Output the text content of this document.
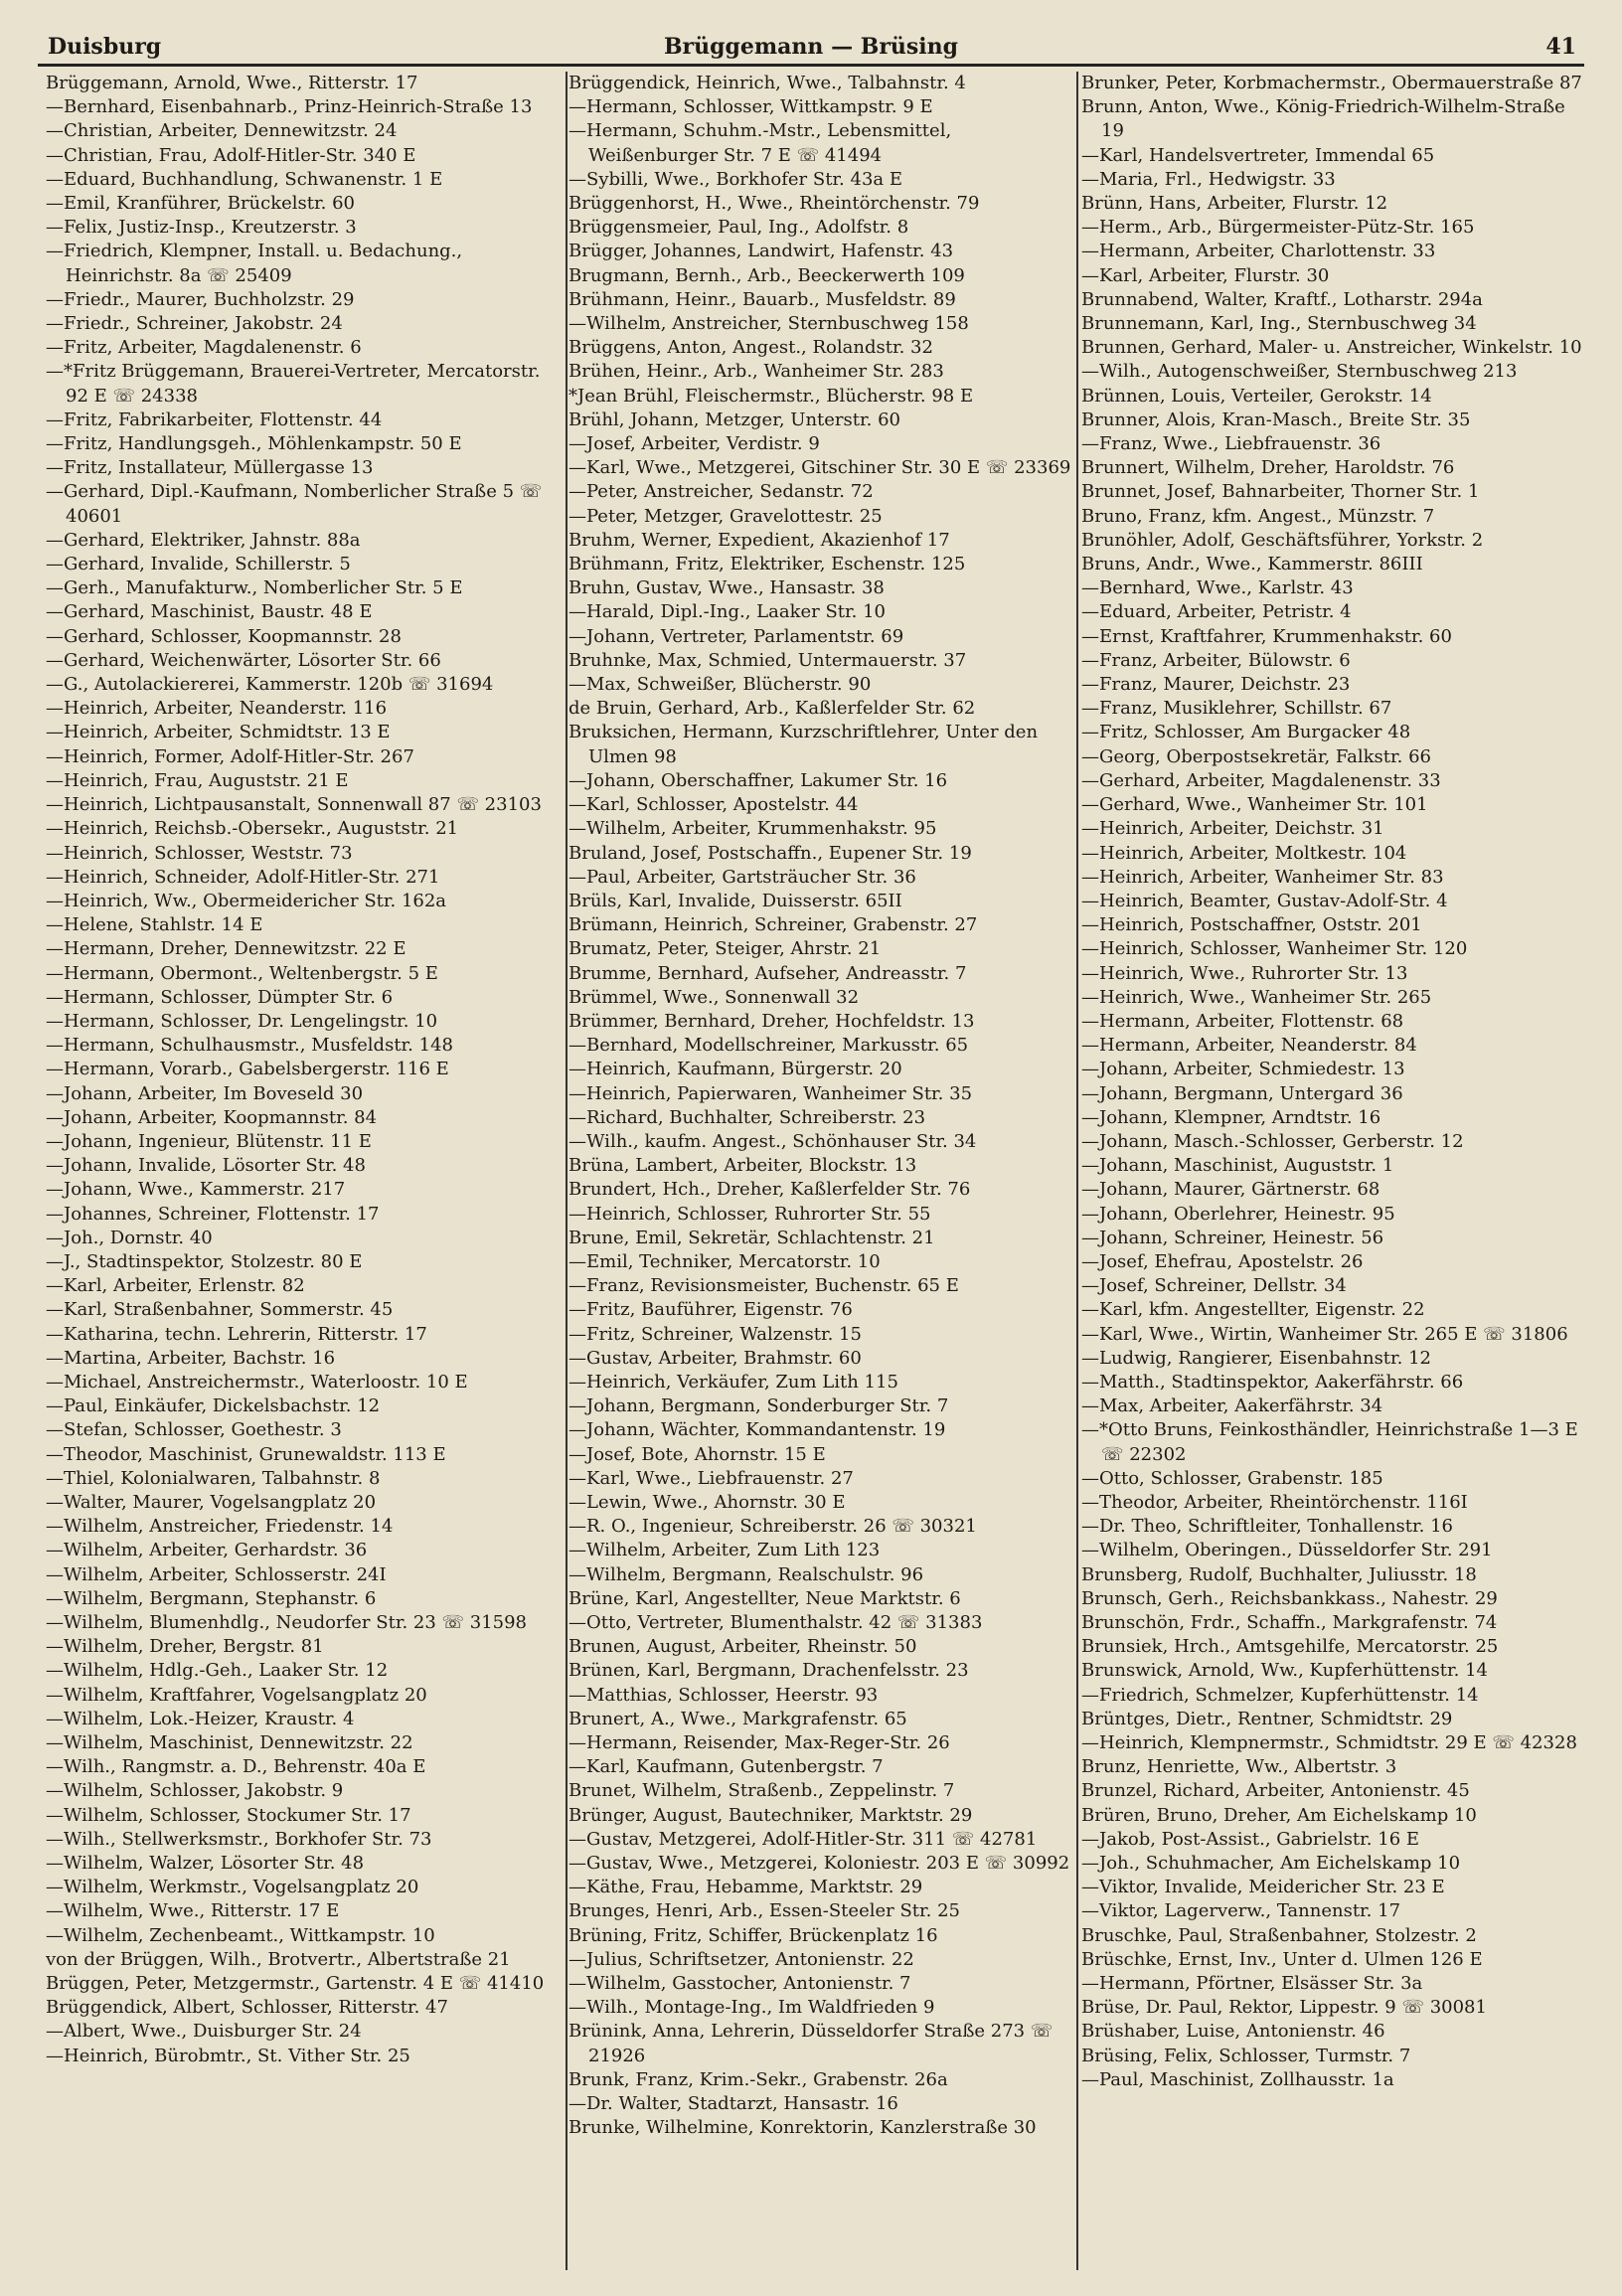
Duisburg	Brüggemann — Brüsing	41
Brüggemann, Arnold, Wwe., Ritterstr. 17
—Bernhard, Eisenbahnarb., Prinz-Heinrich-Straße 13
—Christian, Arbeiter, Dennewitzstr. 24
—Christian, Frau, Adolf-Hitler-Str. 340 E
—Eduard, Buchhandlung, Schwanenstr. 1 E
—Emil, Kranführer, Brückelstr. 60
—Felix, Justiz-Insp., Kreutzerstr. 3
—Friedrich, Klempner, Install. u. Bedachung., Heinrichstr. 8a ☏ 25409
—Friedr., Maurer, Buchholzstr. 29
—Friedr., Schreiner, Jakobstr. 24
—Fritz, Arbeiter, Magdalenenstr. 6
—*Fritz Brüggemann, Brauerei-Vertreter, Mercatorstr. 92 E ☏ 24338
—Fritz, Fabrikarbeiter, Flottenstr. 44
—Fritz, Handlungsgeh., Möhlenkampstr. 50 E
—Fritz, Installateur, Müllergasse 13
—Gerhard, Dipl.-Kaufmann, Nomberlicher Straße 5 ☏ 40601
—Gerhard, Elektriker, Jahnstr. 88a
—Gerhard, Invalide, Schillerstr. 5
—Gerh., Manufakturw., Nomberlicher Str. 5 E
—Gerhard, Maschinist, Baustr. 48 E
—Gerhard, Schlosser, Koopmannstr. 28
—Gerhard, Weichenwärter, Lösorter Str. 66
—G., Autolackiererei, Kammerstr. 120b ☏ 31694
—Heinrich, Arbeiter, Neanderstr. 116
—Heinrich, Arbeiter, Schmidtstr. 13 E
—Heinrich, Former, Adolf-Hitler-Str. 267
—Heinrich, Frau, Auguststr. 21 E
—Heinrich, Lichtpausanstalt, Sonnenwall 87 ☏ 23103
—Heinrich, Reichsb.-Obersekr., Auguststr. 21
—Heinrich, Schlosser, Weststr. 73
—Heinrich, Schneider, Adolf-Hitler-Str. 271
—Heinrich, Ww., Obermeidericher Str. 162a
—Helene, Stahlstr. 14 E
—Hermann, Dreher, Dennewitzstr. 22 E
—Hermann, Obermont., Weltenbergstr. 5 E
—Hermann, Schlosser, Dümpter Str. 6
—Hermann, Schlosser, Dr. Lengelingstr. 10
—Hermann, Schulhausmstr., Musfeldstr. 148
—Hermann, Vorarb., Gabelsbergerstr. 116 E
—Johann, Arbeiter, Im Boveseld 30
—Johann, Arbeiter, Koopmannstr. 84
—Johann, Ingenieur, Blütenstr. 11 E
—Johann, Invalide, Lösorter Str. 48
—Johann, Wwe., Kammerstr. 217
—Johannes, Schreiner, Flottenstr. 17
—Joh., Dornstr. 40
—J., Stadtinspektor, Stolzestr. 80 E
—Karl, Arbeiter, Erlenstr. 82
—Karl, Straßenbahner, Sommerstr. 45
—Katharina, techn. Lehrerin, Ritterstr. 17
—Martina, Arbeiter, Bachstr. 16
—Michael, Anstreichermstr., Waterloostr. 10 E
—Paul, Einkäufer, Dickelsbachstr. 12
—Stefan, Schlosser, Goethestr. 3
—Theodor, Maschinist, Grunewaldstr. 113 E
—Thiel, Kolonialwaren, Talbahnstr. 8
—Walter, Maurer, Vogelsangplatz 20
—Wilhelm, Anstreicher, Friedenstr. 14
—Wilhelm, Arbeiter, Gerhardstr. 36
—Wilhelm, Arbeiter, Schlosserstr. 24I
—Wilhelm, Bergmann, Stephanstr. 6
—Wilhelm, Blumenhdlg., Neudorfer Str. 23 ☏ 31598
—Wilhelm, Dreher, Bergstr. 81
—Wilhelm, Hdlg.-Geh., Laaker Str. 12
—Wilhelm, Kraftfahrer, Vogelsangplatz 20
—Wilhelm, Lok.-Heizer, Kraustr. 4
—Wilhelm, Maschinist, Dennewitzstr. 22
—Wilh., Rangmstr. a. D., Behrenstr. 40a E
—Wilhelm, Schlosser, Jakobstr. 9
—Wilhelm, Schlosser, Stockumer Str. 17
—Wilh., Stellwerksmstr., Borkhofer Str. 73
—Wilhelm, Walzer, Lösorter Str. 48
—Wilhelm, Werkmstr., Vogelsangplatz 20
—Wilhelm, Wwe., Ritterstr. 17 E
—Wilhelm, Zechenbeamt., Wittkampstr. 10
von der Brüggen, Wilh., Brotvertr., Albertstraße 21
Brüggen, Peter, Metzgermstr., Gartenstr. 4 E ☏ 41410
Brüggendick, Albert, Schlosser, Ritterstr. 47
—Albert, Wwe., Duisburger Str. 24
—Heinrich, Bürobmtr., St. Vither Str. 25
Brüggendick, Heinrich, Wwe., Talbahnstr. 4
—Hermann, Schlosser, Wittkampstr. 9 E
—Hermann, Schuhm.-Mstr., Lebensmittel, Weißenburger Str. 7 E ☏ 41494
—Sybilli, Wwe., Borkhofer Str. 43a E
Brüggenhorst, H., Wwe., Rheintörchenstr. 79
Brüggensmeier, Paul, Ing., Adolfstr. 8
Brügger, Johannes, Landwirt, Hafenstr. 43
Brugmann, Bernh., Arb., Beeckerwerth 109
Brühmann, Heinr., Bauarb., Musfeldstr. 89
—Wilhelm, Anstreicher, Sternbuschweg 158
Brüggens, Anton, Angest., Rolandstr. 32
Brühen, Heinr., Arb., Wanheimer Str. 283
*Jean Brühl, Fleischermstr., Blücherstr. 98 E
Brühl, Johann, Metzger, Unterstr. 60
—Josef, Arbeiter, Verdistr. 9
—Karl, Wwe., Metzgerei, Gitschiner Str. 30 E ☏ 23369
—Peter, Anstreicher, Sedanstr. 72
—Peter, Metzger, Gravelottestr. 25
Bruhm, Werner, Expedient, Akazienhof 17
Brühmann, Fritz, Elektriker, Eschenstr. 125
Bruhn, Gustav, Wwe., Hansastr. 38
—Harald, Dipl.-Ing., Laaker Str. 10
—Johann, Vertreter, Parlamentstr. 69
Bruhnke, Max, Schmied, Untermauerstr. 37
—Max, Schweißer, Blücherstr. 90
de Bruin, Gerhard, Arb., Kaßlerfelder Str. 62
Bruksichen, Hermann, Kurzschriftlehrer, Unter den Ulmen 98
—Johann, Oberschaffner, Lakumer Str. 16
—Karl, Schlosser, Apostelstr. 44
—Wilhelm, Arbeiter, Krummenhakstr. 95
Bruland, Josef, Postschaffn., Eupener Str. 19
—Paul, Arbeiter, Gartsträucher Str. 36
Brüls, Karl, Invalide, Duisserstr. 65II
Brümann, Heinrich, Schreiner, Grabenstr. 27
Brumatz, Peter, Steiger, Ahrstr. 21
Brumme, Bernhard, Aufseher, Andreasstr. 7
Brümmel, Wwe., Sonnenwall 32
Brümmer, Bernhard, Dreher, Hochfeldstr. 13
—Bernhard, Modellschreiner, Markusstr. 65
—Heinrich, Kaufmann, Bürgerstr. 20
—Heinrich, Papierwaren, Wanheimer Str. 35
—Richard, Buchhalter, Schreiberstr. 23
—Wilh., kaufm. Angest., Schönhauser Str. 34
Brüna, Lambert, Arbeiter, Blockstr. 13
Brundert, Hch., Dreher, Kaßlerfelder Str. 76
—Heinrich, Schlosser, Ruhrorter Str. 55
Brune, Emil, Sekretär, Schlachtenstr. 21
—Emil, Techniker, Mercatorstr. 10
—Franz, Revisionsmeister, Buchenstr. 65 E
—Fritz, Bauführer, Eigenstr. 76
—Fritz, Schreiner, Walzenstr. 15
—Gustav, Arbeiter, Brahmstr. 60
—Heinrich, Verkäufer, Zum Lith 115
—Johann, Bergmann, Sonderburger Str. 7
—Johann, Wächter, Kommandantenstr. 19
—Josef, Bote, Ahornstr. 15 E
—Karl, Wwe., Liebfrauenstr. 27
—Lewin, Wwe., Ahornstr. 30 E
—R. O., Ingenieur, Schreiberstr. 26 ☏ 30321
—Wilhelm, Arbeiter, Zum Lith 123
—Wilhelm, Bergmann, Realschulstr. 96
Brüne, Karl, Angestellter, Neue Marktstr. 6
—Otto, Vertreter, Blumenthalstr. 42 ☏ 31383
Brunen, August, Arbeiter, Rheinstr. 50
Brünen, Karl, Bergmann, Drachenfelsstr. 23
—Matthias, Schlosser, Heerstr. 93
Brunert, A., Wwe., Markgrafenstr. 65
—Hermann, Reisender, Max-Reger-Str. 26
—Karl, Kaufmann, Gutenbergstr. 7
Brunet, Wilhelm, Straßenb., Zeppelinstr. 7
Brünger, August, Bautechniker, Marktstr. 29
—Gustav, Metzgerei, Adolf-Hitler-Str. 311 ☏ 42781
—Gustav, Wwe., Metzgerei, Koloniestr. 203 E ☏ 30992
—Käthe, Frau, Hebamme, Marktstr. 29
Brunges, Henri, Arb., Essen-Steeler Str. 25
Brüning, Fritz, Schiffer, Brückenplatz 16
—Julius, Schriftsetzer, Antonienstr. 22
—Wilhelm, Gasstocher, Antonienstr. 7
—Wilh., Montage-Ing., Im Waldfrieden 9
Brünink, Anna, Lehrerin, Düsseldorfer Straße 273 ☏ 21926
Brunk, Franz, Krim.-Sekr., Grabenstr. 26a
—Dr. Walter, Stadtarzt, Hansastr. 16
Brunke, Wilhelmine, Konrektorin, Kanzlerstraße 30
Brunker, Peter, Korbmachermstr., Obermauerstraße 87
Brunn, Anton, Wwe., König-Friedrich-Wilhelm-Straße 19
—Karl, Handelsvertreter, Immendal 65
—Maria, Frl., Hedwigstr. 33
Brünn, Hans, Arbeiter, Flurstr. 12
—Herm., Arb., Bürgermeister-Pütz-Str. 165
—Hermann, Arbeiter, Charlottenstr. 33
—Karl, Arbeiter, Flurstr. 30
Brunnabend, Walter, Kraftf., Lotharstr. 294a
Brunnemann, Karl, Ing., Sternbuschweg 34
Brunnen, Gerhard, Maler- u. Anstreicher, Winkelstr. 10
—Wilh., Autogenschweißer, Sternbuschweg 213
Brünnen, Louis, Verteiler, Gerokstr. 14
Brunner, Alois, Kran-Masch., Breite Str. 35
—Franz, Wwe., Liebfrauenstr. 36
Brunnert, Wilhelm, Dreher, Haroldstr. 76
Brunnet, Josef, Bahnarbeiter, Thorner Str. 1
Bruno, Franz, kfm. Angest., Münzstr. 7
Brunöhler, Adolf, Geschäftsführer, Yorkstr. 2
Bruns, Andr., Wwe., Kammerstr. 86III
—Bernhard, Wwe., Karlstr. 43
—Eduard, Arbeiter, Petristr. 4
—Ernst, Kraftfahrer, Krummenhakstr. 60
—Franz, Arbeiter, Bülowstr. 6
—Franz, Maurer, Deichstr. 23
—Franz, Musiklehrer, Schillstr. 67
—Fritz, Schlosser, Am Burgacker 48
—Georg, Oberpostsekretär, Falkstr. 66
—Gerhard, Arbeiter, Magdalenenstr. 33
—Gerhard, Wwe., Wanheimer Str. 101
—Heinrich, Arbeiter, Deichstr. 31
—Heinrich, Arbeiter, Moltkestr. 104
—Heinrich, Arbeiter, Wanheimer Str. 83
—Heinrich, Beamter, Gustav-Adolf-Str. 4
—Heinrich, Postschaffner, Oststr. 201
—Heinrich, Schlosser, Wanheimer Str. 120
—Heinrich, Wwe., Ruhrorter Str. 13
—Heinrich, Wwe., Wanheimer Str. 265
—Hermann, Arbeiter, Flottenstr. 68
—Hermann, Arbeiter, Neanderstr. 84
—Johann, Arbeiter, Schmiedestr. 13
—Johann, Bergmann, Untergard 36
—Johann, Klempner, Arndtstr. 16
—Johann, Masch.-Schlosser, Gerberstr. 12
—Johann, Maschinist, Auguststr. 1
—Johann, Maurer, Gärtnerstr. 68
—Johann, Oberlehrer, Heinestr. 95
—Johann, Schreiner, Heinestr. 56
—Josef, Ehefrau, Apostelstr. 26
—Josef, Schreiner, Dellstr. 34
—Karl, kfm. Angestellter, Eigenstr. 22
—Karl, Wwe., Wirtin, Wanheimer Str. 265 E ☏ 31806
—Ludwig, Rangierer, Eisenbahnstr. 12
—Matth., Stadtinspektor, Aakerfährstr. 66
—Max, Arbeiter, Aakerfährstr. 34
—*Otto Bruns, Feinkosthändler, Heinrichstraße 1—3 E ☏ 22302
—Otto, Schlosser, Grabenstr. 185
—Theodor, Arbeiter, Rheintörchenstr. 116I
—Dr. Theo, Schriftleiter, Tonhallenstr. 16
—Wilhelm, Oberingen., Düsseldorfer Str. 291
Brunsberg, Rudolf, Buchhalter, Juliusstr. 18
Brunsch, Gerh., Reichsbankkass., Nahestr. 29
Brunschön, Frdr., Schaffn., Markgrafenstr. 74
Brunsiek, Hrch., Amtsgehilfe, Mercatorstr. 25
Brunswick, Arnold, Ww., Kupferhüttenstr. 14
—Friedrich, Schmelzer, Kupferhüttenstr. 14
Brüntges, Dietr., Rentner, Schmidtstr. 29
—Heinrich, Klempnermstr., Schmidtstr. 29 E ☏ 42328
Brunz, Henriette, Ww., Albertstr. 3
Brunzel, Richard, Arbeiter, Antonienstr. 45
Brüren, Bruno, Dreher, Am Eichelskamp 10
—Jakob, Post-Assist., Gabrielstr. 16 E
—Joh., Schuhmacher, Am Eichelskamp 10
—Viktor, Invalide, Meidericher Str. 23 E
—Viktor, Lagerverw., Tannenstr. 17
Bruschke, Paul, Straßenbahner, Stolzestr. 2
Brüschke, Ernst, Inv., Unter d. Ulmen 126 E
—Hermann, Pförtner, Elsässer Str. 3a
Brüse, Dr. Paul, Rektor, Lippestr. 9 ☏ 30081
Brüshaber, Luise, Antonienstr. 46
Brüsing, Felix, Schlosser, Turmstr. 7
—Paul, Maschinist, Zollhausstr. 1a
